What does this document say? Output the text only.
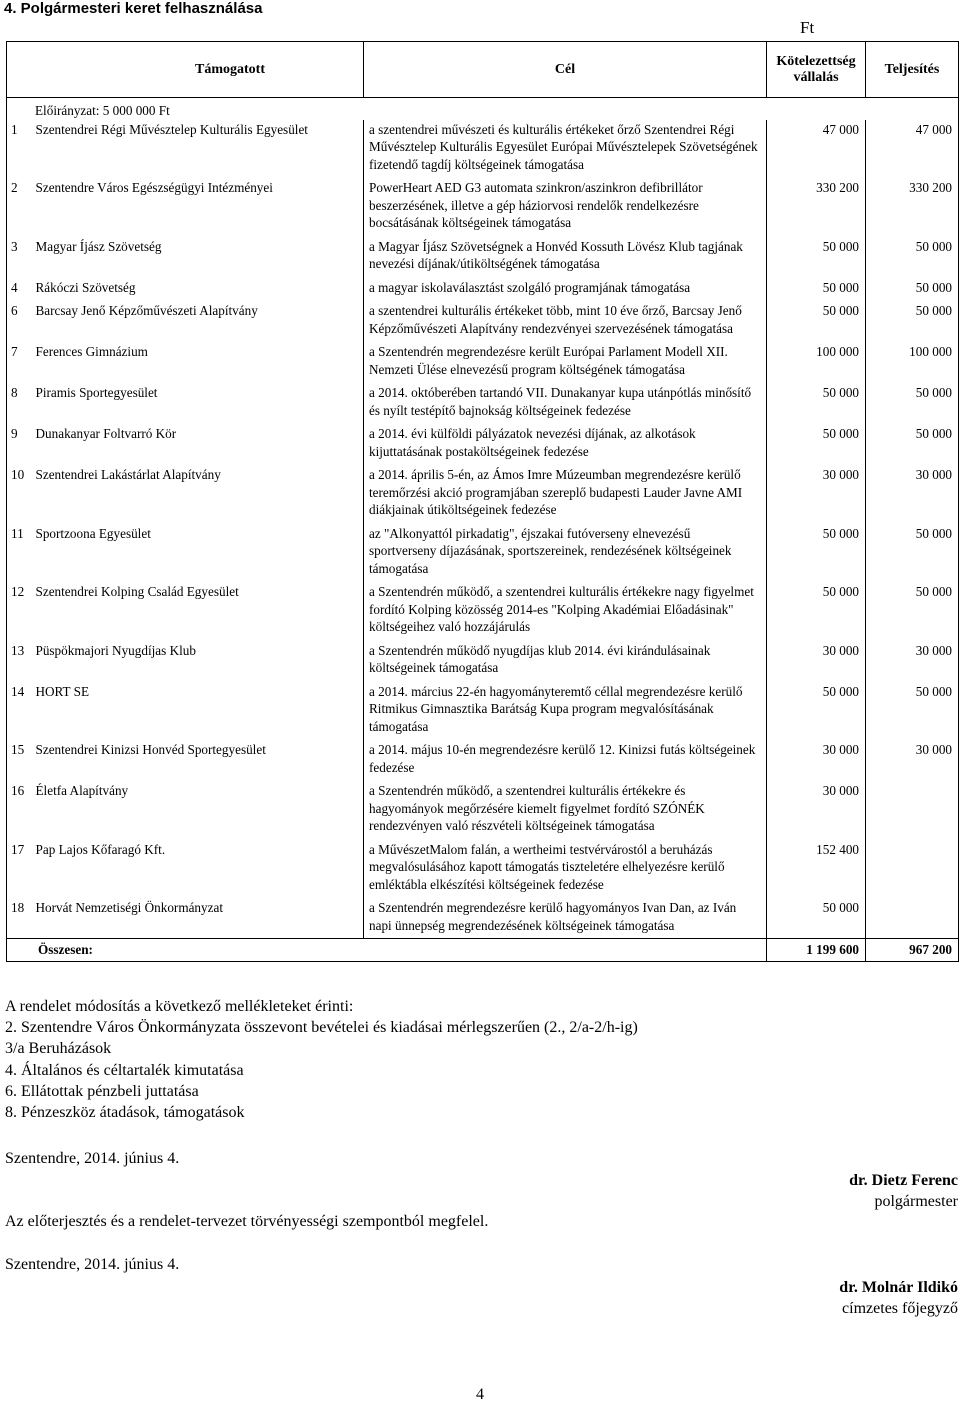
4. Polgármesteri keret felhasználása
Ft
Támogatott		Cél	Kötelezettség vállalás	Teljesítés
Előirányzat: 5 000 000 Ft				
1	Szentendrei Régi Művésztelep Kulturális Egyesület	a szentendrei művészeti és kulturális értékeket őrző Szentendrei Régi Művésztelep Kulturális Egyesület Európai Művésztelepek Szövetségének fizetendő tagdíj költségeinek támogatása	47 000	47 000
2	Szentendre Város Egészségügyi Intézményei	PowerHeart AED G3 automata szinkron/aszinkron defibrillátor beszerzésének, illetve a gép háziorvosi rendelők rendelkezésre bocsátásának költségeinek támogatása	330 200	330 200
3	Magyar Íjász Szövetség	a Magyar Íjász Szövetségnek a Honvéd Kossuth Lövész Klub tagjának nevezési díjának/útiköltségének támogatása	50 000	50 000
4	Rákóczi Szövetség	a magyar iskolaválasztást szolgáló programjának támogatása	50 000	50 000
6	Barcsay Jenő Képzőművészeti Alapítvány	a szentendrei kulturális értékeket több, mint 10 éve őrző, Barcsay Jenő Képzőművészeti Alapítvány rendezvényei szervezésének támogatása	50 000	50 000
7	Ferences Gimnázium	a Szentendrén megrendezésre került Európai Parlament Modell XII. Nemzeti Ülése elnevezésű program költségének támogatása	100 000	100 000
8	Piramis Sportegyesület	a 2014. októberében tartandó VII. Dunakanyar kupa utánpótlás minősítő és nyílt testépítő bajnokság költségeinek fedezése	50 000	50 000
9	Dunakanyar Foltvarró Kör	a 2014. évi külföldi pályázatok nevezési díjának, az alkotások kijuttatásának postaköltségeinek fedezése	50 000	50 000
10	Szentendrei Lakástárlat Alapítvány	a 2014. április 5-én, az Ámos Imre Múzeumban megrendezésre kerülő teremőrzési akció programjában szereplő budapesti Lauder Javne AMI diákjainak útiköltségeinek fedezése	30 000	30 000
11	Sportzoona Egyesület	az "Alkonyattól pirkadatig", éjszakai futóverseny elnevezésű sportverseny díjazásának, sportszereinek, rendezésének költségeinek támogatása	50 000	50 000
12	Szentendrei Kolping Család Egyesület	a Szentendrén működő, a szentendrei kulturális értékekre nagy figyelmet fordító Kolping közösség 2014-es "Kolping Akadémiai Előadásinak" költségeihez való hozzájárulás	50 000	50 000
13	Püspökmajori Nyugdíjas Klub	a Szentendrén működő nyugdíjas klub 2014. évi kirándulásainak költségeinek támogatása	30 000	30 000
14	HORT SE	a 2014. március 22-én hagyományteremtő céllal megrendezésre kerülő Ritmikus Gimnasztika Barátság Kupa program megvalósításának támogatása	50 000	50 000
15	Szentendrei Kinizsi Honvéd Sportegyesület	a 2014. május 10-én megrendezésre kerülő 12. Kinizsi futás költségeinek fedezése	30 000	30 000
16	Életfa Alapítvány	a Szentendrén működő, a szentendrei kulturális értékekre és hagyományok megőrzésére kiemelt figyelmet fordító SZÓNÉK rendezvényen való részvételi költségeinek támogatása	30 000	
17	Pap Lajos Kőfaragó Kft.	a MűvészetMalom falán, a wertheimi testvérvárostól a beruházás megvalósulásához kapott támogatás tiszteletére elhelyezésre kerülő emléktábla elkészítési költségeinek fedezése	152 400	
18	Horvát Nemzetiségi Önkormányzat	a Szentendrén megrendezésre kerülő hagyományos Ivan Dan, az Iván napi ünnepség megrendezésének költségeinek támogatása	50 000	
Összesen:			1 199 600	967 200
A rendelet módosítás a következő mellékleteket érinti:
2. Szentendre Város Önkormányzata összevont bevételei és kiadásai mérlegszerűen (2., 2/a-2/h-ig)
3/a Beruházások
4. Általános és céltartalék kimutatása
6. Ellátottak pénzbeli juttatása
8. Pénzeszköz átadások, támogatások
Szentendre, 2014. június 4.
dr. Dietz Ferenc
polgármester
Az előterjesztés és a rendelet-tervezet törvényességi szempontból megfelel.
Szentendre, 2014. június 4.
dr. Molnár Ildikó
címzetes főjegyző
4
